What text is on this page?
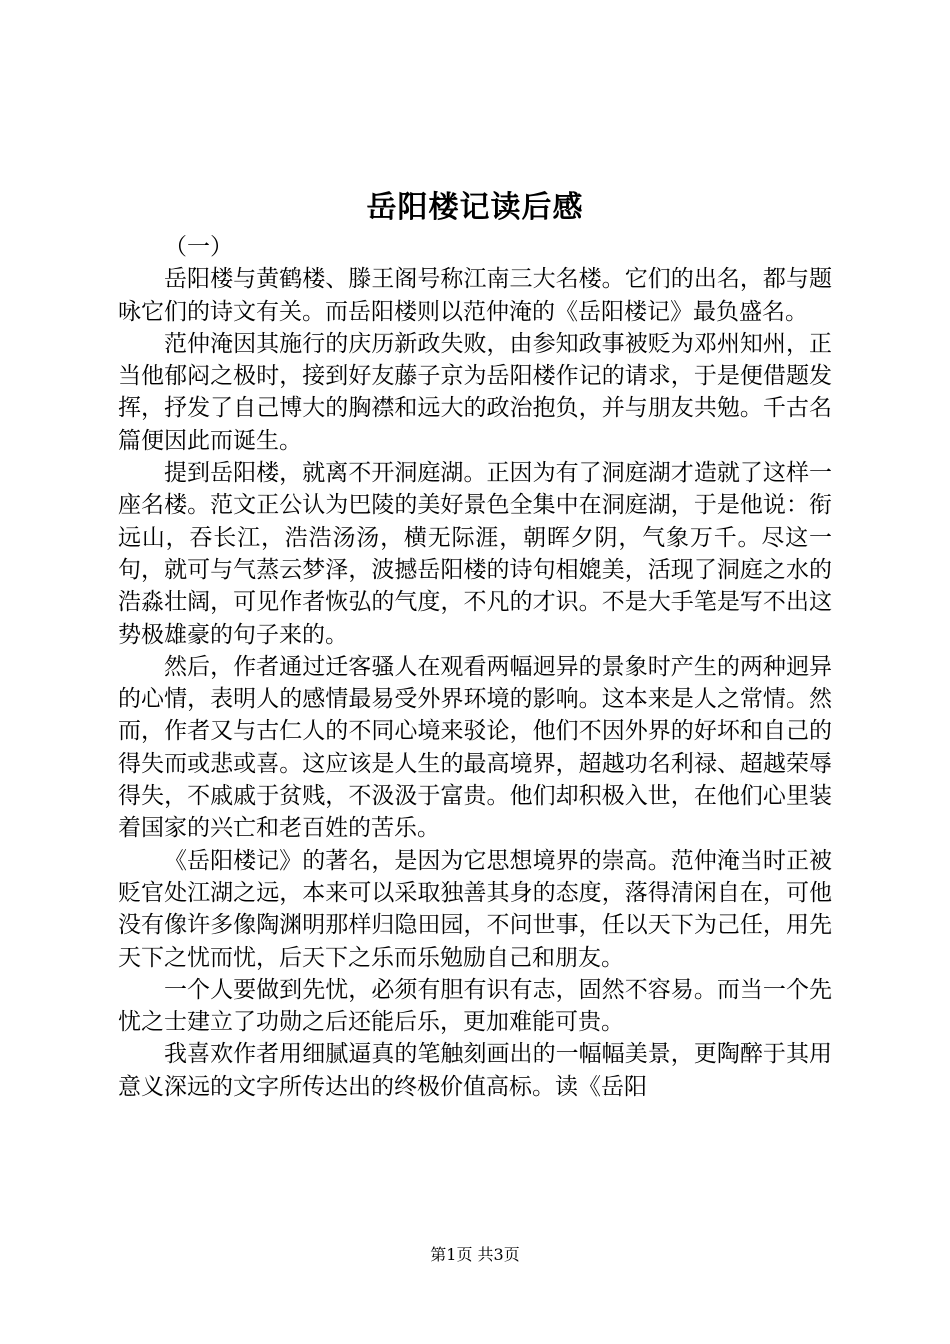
岳阳楼记读后感

（一）

岳阳楼与黄鹤楼、滕王阁号称江南三大名楼。它们的出名，都与题咏它们的诗文有关。而岳阳楼则以范仲淹的《岳阳楼记》最负盛名。

范仲淹因其施行的庆历新政失败，由参知政事被贬为邓州知州，正当他郁闷之极时，接到好友藤子京为岳阳楼作记的请求，于是便借题发挥，抒发了自己博大的胸襟和远大的政治抱负，并与朋友共勉。千古名篇便因此而诞生。

提到岳阳楼，就离不开洞庭湖。正因为有了洞庭湖才造就了这样一座名楼。范文正公认为巴陵的美好景色全集中在洞庭湖，于是他说：衔远山，吞长江，浩浩汤汤，横无际涯，朝晖夕阴，气象万千。尽这一句，就可与气蒸云梦泽，波撼岳阳楼的诗句相媲美，活现了洞庭之水的浩淼壮阔，可见作者恢弘的气度，不凡的才识。不是大手笔是写不出这势极雄豪的句子来的。

然后，作者通过迁客骚人在观看两幅迥异的景象时产生的两种迥异的心情，表明人的感情最易受外界环境的影响。这本来是人之常情。然而，作者又与古仁人的不同心境来驳论，他们不因外界的好坏和自己的得失而或悲或喜。这应该是人生的最高境界，超越功名利禄、超越荣辱得失，不戚戚于贫贱，不汲汲于富贵。他们却积极入世，在他们心里装着国家的兴亡和老百姓的苦乐。

《岳阳楼记》的著名，是因为它思想境界的崇高。范仲淹当时正被贬官处江湖之远，本来可以采取独善其身的态度，落得清闲自在，可他没有像许多像陶渊明那样归隐田园，不问世事，任以天下为己任，用先天下之忧而忧，后天下之乐而乐勉励自己和朋友。

一个人要做到先忧，必须有胆有识有志，固然不容易。而当一个先忧之士建立了功勋之后还能后乐，更加难能可贵。

我喜欢作者用细腻逼真的笔触刻画出的一幅幅美景，更陶醉于其用意义深远的文字所传达出的终极价值高标。读《岳阳

第1页 共3页
